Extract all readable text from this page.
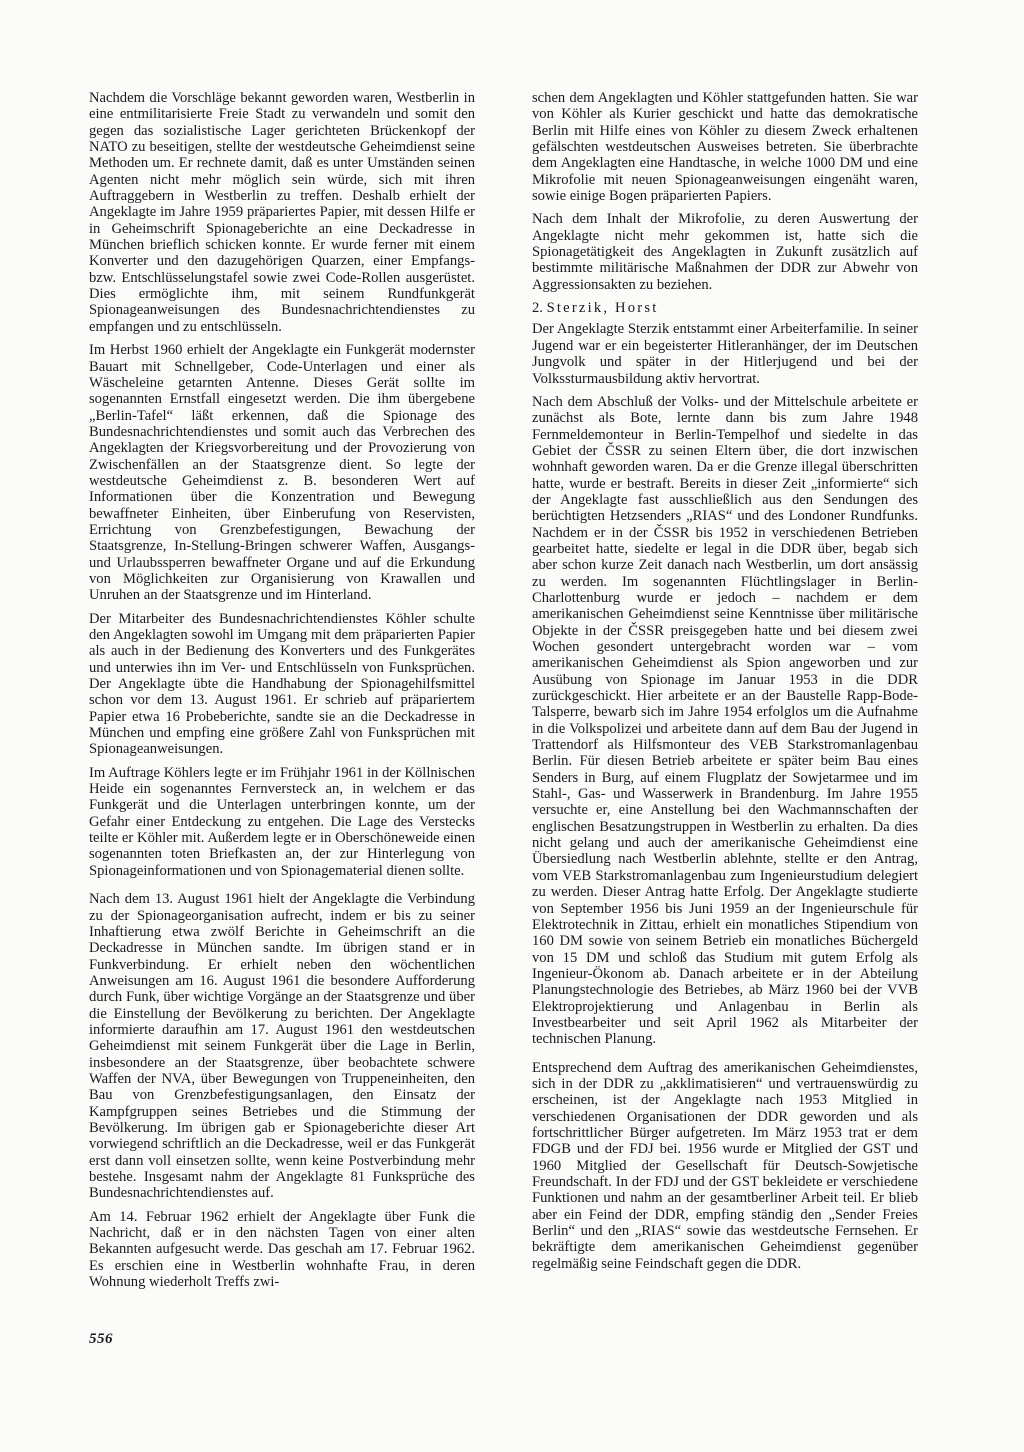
Nachdem die Vorschläge bekannt geworden waren, Westberlin in eine entmilitarisierte Freie Stadt zu verwandeln und somit den gegen das sozialistische Lager gerichteten Brückenkopf der NATO zu beseitigen, stellte der westdeutsche Geheimdienst seine Methoden um. Er rechnete damit, daß es unter Umständen seinen Agenten nicht mehr möglich sein würde, sich mit ihren Auftraggebern in Westberlin zu treffen. Deshalb erhielt der Angeklagte im Jahre 1959 präpariertes Papier, mit dessen Hilfe er in Geheimschrift Spionageberichte an eine Deckadresse in München brieflich schicken konnte. Er wurde ferner mit einem Konverter und den dazugehörigen Quarzen, einer Empfangs- bzw. Entschlüsselungstafel sowie zwei Code-Rollen ausgerüstet. Dies ermöglichte ihm, mit seinem Rundfunkgerät Spionageanweisungen des Bundesnachrichtendienstes zu empfangen und zu entschlüsseln.

Im Herbst 1960 erhielt der Angeklagte ein Funkgerät modernster Bauart mit Schnellgeber, Code-Unterlagen und einer als Wäscheleine getarnten Antenne. Dieses Gerät sollte im sogenannten Ernstfall eingesetzt werden. Die ihm übergebene „Berlin-Tafel“ läßt erkennen, daß die Spionage des Bundesnachrichtendienstes und somit auch das Verbrechen des Angeklagten der Kriegsvorbereitung und der Provozierung von Zwischenfällen an der Staatsgrenze dient. So legte der westdeutsche Geheimdienst z. B. besonderen Wert auf Informationen über die Konzentration und Bewegung bewaffneter Einheiten, über Einberufung von Reservisten, Errichtung von Grenzbefestigungen, Bewachung der Staatsgrenze, In-Stellung-Bringen schwerer Waffen, Ausgangs- und Urlaubssperren bewaffneter Organe und auf die Erkundung von Möglichkeiten zur Organisierung von Krawallen und Unruhen an der Staatsgrenze und im Hinterland.

Der Mitarbeiter des Bundesnachrichtendienstes Köhler schulte den Angeklagten sowohl im Umgang mit dem präparierten Papier als auch in der Bedienung des Konverters und des Funkgerätes und unterwies ihn im Ver- und Entschlüsseln von Funksprüchen. Der Angeklagte übte die Handhabung der Spionagehilfsmittel schon vor dem 13. August 1961. Er schrieb auf präpariertem Papier etwa 16 Probeberichte, sandte sie an die Deckadresse in München und empfing eine größere Zahl von Funksprüchen mit Spionageanweisungen.

Im Auftrage Köhlers legte er im Frühjahr 1961 in der Köllnischen Heide ein sogenanntes Fernversteck an, in welchem er das Funkgerät und die Unterlagen unterbringen konnte, um der Gefahr einer Entdeckung zu entgehen. Die Lage des Verstecks teilte er Köhler mit. Außerdem legte er in Oberschöneweide einen sogenannten toten Briefkasten an, der zur Hinterlegung von Spionageinformationen und von Spionagematerial dienen sollte.

Nach dem 13. August 1961 hielt der Angeklagte die Verbindung zu der Spionageorganisation aufrecht, indem er bis zu seiner Inhaftierung etwa zwölf Berichte in Geheimschrift an die Deckadresse in München sandte. Im übrigen stand er in Funkverbindung. Er erhielt neben den wöchentlichen Anweisungen am 16. August 1961 die besondere Aufforderung durch Funk, über wichtige Vorgänge an der Staatsgrenze und über die Einstellung der Bevölkerung zu berichten. Der Angeklagte informierte daraufhin am 17. August 1961 den westdeutschen Geheimdienst mit seinem Funkgerät über die Lage in Berlin, insbesondere an der Staatsgrenze, über beobachtete schwere Waffen der NVA, über Bewegungen von Truppeneinheiten, den Bau von Grenzbefestigungsanlagen, den Einsatz der Kampfgruppen seines Betriebes und die Stimmung der Bevölkerung. Im übrigen gab er Spionageberichte dieser Art vorwiegend schriftlich an die Deckadresse, weil er das Funkgerät erst dann voll einsetzen sollte, wenn keine Postverbindung mehr bestehe. Insgesamt nahm der Angeklagte 81 Funksprüche des Bundesnachrichtendienstes auf.

Am 14. Februar 1962 erhielt der Angeklagte über Funk die Nachricht, daß er in den nächsten Tagen von einer alten Bekannten aufgesucht werde. Das geschah am 17. Februar 1962. Es erschien eine in Westberlin wohnhafte Frau, in deren Wohnung wiederholt Treffs zwi-

schen dem Angeklagten und Köhler stattgefunden hatten. Sie war von Köhler als Kurier geschickt und hatte das demokratische Berlin mit Hilfe eines von Köhler zu diesem Zweck erhaltenen gefälschten westdeutschen Ausweises betreten. Sie überbrachte dem Angeklagten eine Handtasche, in welche 1000 DM und eine Mikrofolie mit neuen Spionageanweisungen eingenäht waren, sowie einige Bogen präparierten Papiers.

Nach dem Inhalt der Mikrofolie, zu deren Auswertung der Angeklagte nicht mehr gekommen ist, hatte sich die Spionagetätigkeit des Angeklagten in Zukunft zusätzlich auf bestimmte militärische Maßnahmen der DDR zur Abwehr von Aggressionsakten zu beziehen.

2. Sterzik, Horst

Der Angeklagte Sterzik entstammt einer Arbeiterfamilie. In seiner Jugend war er ein begeisterter Hitleranhänger, der im Deutschen Jungvolk und später in der Hitlerjugend und bei der Volkssturmausbildung aktiv hervortrat.

Nach dem Abschluß der Volks- und der Mittelschule arbeitete er zunächst als Bote, lernte dann bis zum Jahre 1948 Fernmeldemonteur in Berlin-Tempelhof und siedelte in das Gebiet der ČSSR zu seinen Eltern über, die dort inzwischen wohnhaft geworden waren. Da er die Grenze illegal überschritten hatte, wurde er bestraft. Bereits in dieser Zeit „informierte“ sich der Angeklagte fast ausschließlich aus den Sendungen des berüchtigten Hetzsenders „RIAS“ und des Londoner Rundfunks. Nachdem er in der ČSSR bis 1952 in verschiedenen Betrieben gearbeitet hatte, siedelte er legal in die DDR über, begab sich aber schon kurze Zeit danach nach Westberlin, um dort ansässig zu werden. Im sogenannten Flüchtlingslager in Berlin-Charlottenburg wurde er jedoch – nachdem er dem amerikanischen Geheimdienst seine Kenntnisse über militärische Objekte in der ČSSR preisgegeben hatte und bei diesem zwei Wochen gesondert untergebracht worden war – vom amerikanischen Geheimdienst als Spion angeworben und zur Ausübung von Spionage im Januar 1953 in die DDR zurückgeschickt. Hier arbeitete er an der Baustelle Rapp-Bode-Talsperre, bewarb sich im Jahre 1954 erfolglos um die Aufnahme in die Volkspolizei und arbeitete dann auf dem Bau der Jugend in Trattendorf als Hilfsmonteur des VEB Starkstromanlagenbau Berlin. Für diesen Betrieb arbeitete er später beim Bau eines Senders in Burg, auf einem Flugplatz der Sowjetarmee und im Stahl-, Gas- und Wasserwerk in Brandenburg. Im Jahre 1955 versuchte er, eine Anstellung bei den Wachmannschaften der englischen Besatzungstruppen in Westberlin zu erhalten. Da dies nicht gelang und auch der amerikanische Geheimdienst eine Übersiedlung nach Westberlin ablehnte, stellte er den Antrag, vom VEB Starkstromanlagenbau zum Ingenieurstudium delegiert zu werden. Dieser Antrag hatte Erfolg. Der Angeklagte studierte von September 1956 bis Juni 1959 an der Ingenieurschule für Elektrotechnik in Zittau, erhielt ein monatliches Stipendium von 160 DM sowie von seinem Betrieb ein monatliches Büchergeld von 15 DM und schloß das Studium mit gutem Erfolg als Ingenieur-Ökonom ab. Danach arbeitete er in der Abteilung Planungstechnologie des Betriebes, ab März 1960 bei der VVB Elektroprojektierung und Anlagenbau in Berlin als Investbearbeiter und seit April 1962 als Mitarbeiter der technischen Planung.

Entsprechend dem Auftrag des amerikanischen Geheimdienstes, sich in der DDR zu „akklimatisieren“ und vertrauenswürdig zu erscheinen, ist der Angeklagte nach 1953 Mitglied in verschiedenen Organisationen der DDR geworden und als fortschrittlicher Bürger aufgetreten. Im März 1953 trat er dem FDGB und der FDJ bei. 1956 wurde er Mitglied der GST und 1960 Mitglied der Gesellschaft für Deutsch-Sowjetische Freundschaft. In der FDJ und der GST bekleidete er verschiedene Funktionen und nahm an der gesamtberliner Arbeit teil. Er blieb aber ein Feind der DDR, empfing ständig den „Sender Freies Berlin“ und den „RIAS“ sowie das westdeutsche Fernsehen. Er bekräftigte dem amerikanischen Geheimdienst gegenüber regelmäßig seine Feindschaft gegen die DDR.

556
